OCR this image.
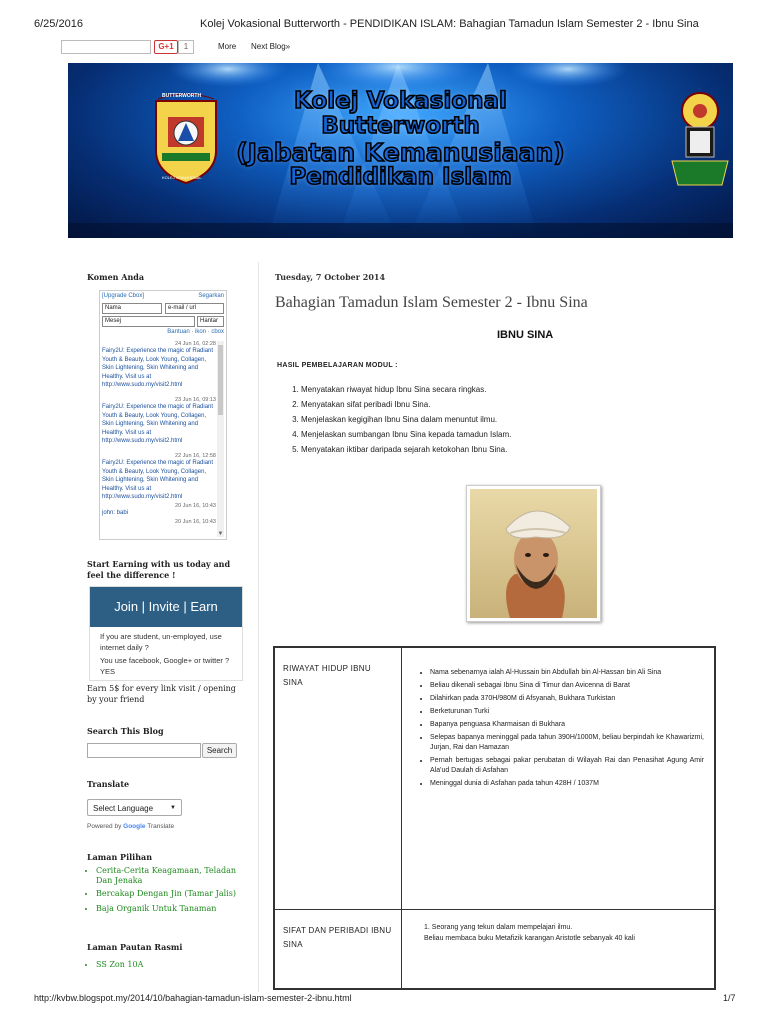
6/25/2016	Kolej Vokasional Butterworth - PENDIDIKAN ISLAM: Bahagian Tamadun Islam Semester 2 - Ibnu Sina
G+1	1	More Next Blog»
BUTTERWORTH
KOLEJ VOKASIONAL
Kolej Vokasional
Butterworth
(Jabatan Kemanusiaan)
Pendidikan Islam
Komen Anda
[Upgrade Cbox]	Segarkan
Nama	e-mail / url
Mesej	Hantar
Bantuan · ikon · cbox
24 Jun 16, 02:28
Fairy2U: Experience the magic of Radiant Youth & Beauty, Look Young, Collagen, Skin Lightening, Skin Whitening and Healthy. Visit us at http://www.sudo.my/visit2.html
23 Jun 16, 09:13
Fairy2U: Experience the magic of Radiant Youth & Beauty, Look Young, Collagen, Skin Lightening, Skin Whitening and Healthy. Visit us at http://www.sudo.my/visit2.html
22 Jun 16, 12:58
Fairy2U: Experience the magic of Radiant Youth & Beauty, Look Young, Collagen, Skin Lightening, Skin Whitening and Healthy. Visit us at http://www.sudo.my/visit2.html
20 Jun 16, 10:43
john: babi
20 Jun 16, 10:43
▼
Start Earning with us today and feel the difference !
Join | Invite | Earn
If you are student, un-employed, use internet daily ?
You use facebook, Google+ or twitter ? YES
Earn 5$ for every link visit / opening by your friend
Search This Blog
Search
Translate
Select Language	▼
Powered by Google Translate
Laman Pilihan
• Cerita-Cerita Keagamaan, Teladan Dan Jenaka
• Bercakap Dengan Jin (Tamar Jalis)
• Baja Organik Untuk Tanaman
Laman Pautan Rasmi
• SS Zon 10A
Tuesday, 7 October 2014
Bahagian Tamadun Islam Semester 2 - Ibnu Sina
IBNU SINA
HASIL PEMBELAJARAN MODUL :
1. Menyatakan riwayat hidup Ibnu Sina secara ringkas.
2. Menyatakan sifat peribadi Ibnu Sina.
3. Menjelaskan kegigihan Ibnu Sina dalam menuntut ilmu.
4. Menjelaskan sumbangan Ibnu Sina kepada tamadun Islam.
5. Menyatakan iktibar daripada sejarah ketokohan Ibnu Sina.
RIWAYAT HIDUP IBNU SINA
• Nama sebenarnya ialah Al-Hussain bin Abdullah bin Al-Hassan bin Ali Sina
• Beliau dikenali sebagai Ibnu Sina di Timur dan Avicenna di Barat
• Dilahirkan pada 370H/980M di Afsyanah, Bukhara Turkistan
• Berketurunan Turki
• Bapanya penguasa Kharmaisan di Bukhara
• Selepas bapanya meninggal pada tahun 390H/1000M, beliau berpindah ke Khawarizmi, Jurjan, Rai dan Hamazan
• Pernah bertugas sebagai pakar perubatan di Wilayah Rai dan Penasihat Agung Amir Ala'ud Daulah di Asfahan
• Meninggal dunia di Asfahan pada tahun 428H / 1037M
SIFAT DAN PERIBADI IBNU SINA
1. Seorang yang tekun dalam mempelajari ilmu.
Beliau membaca buku Metafizik karangan Aristotle sebanyak 40 kali
http://kvbw.blogspot.my/2014/10/bahagian-tamadun-islam-semester-2-ibnu.html	1/7
